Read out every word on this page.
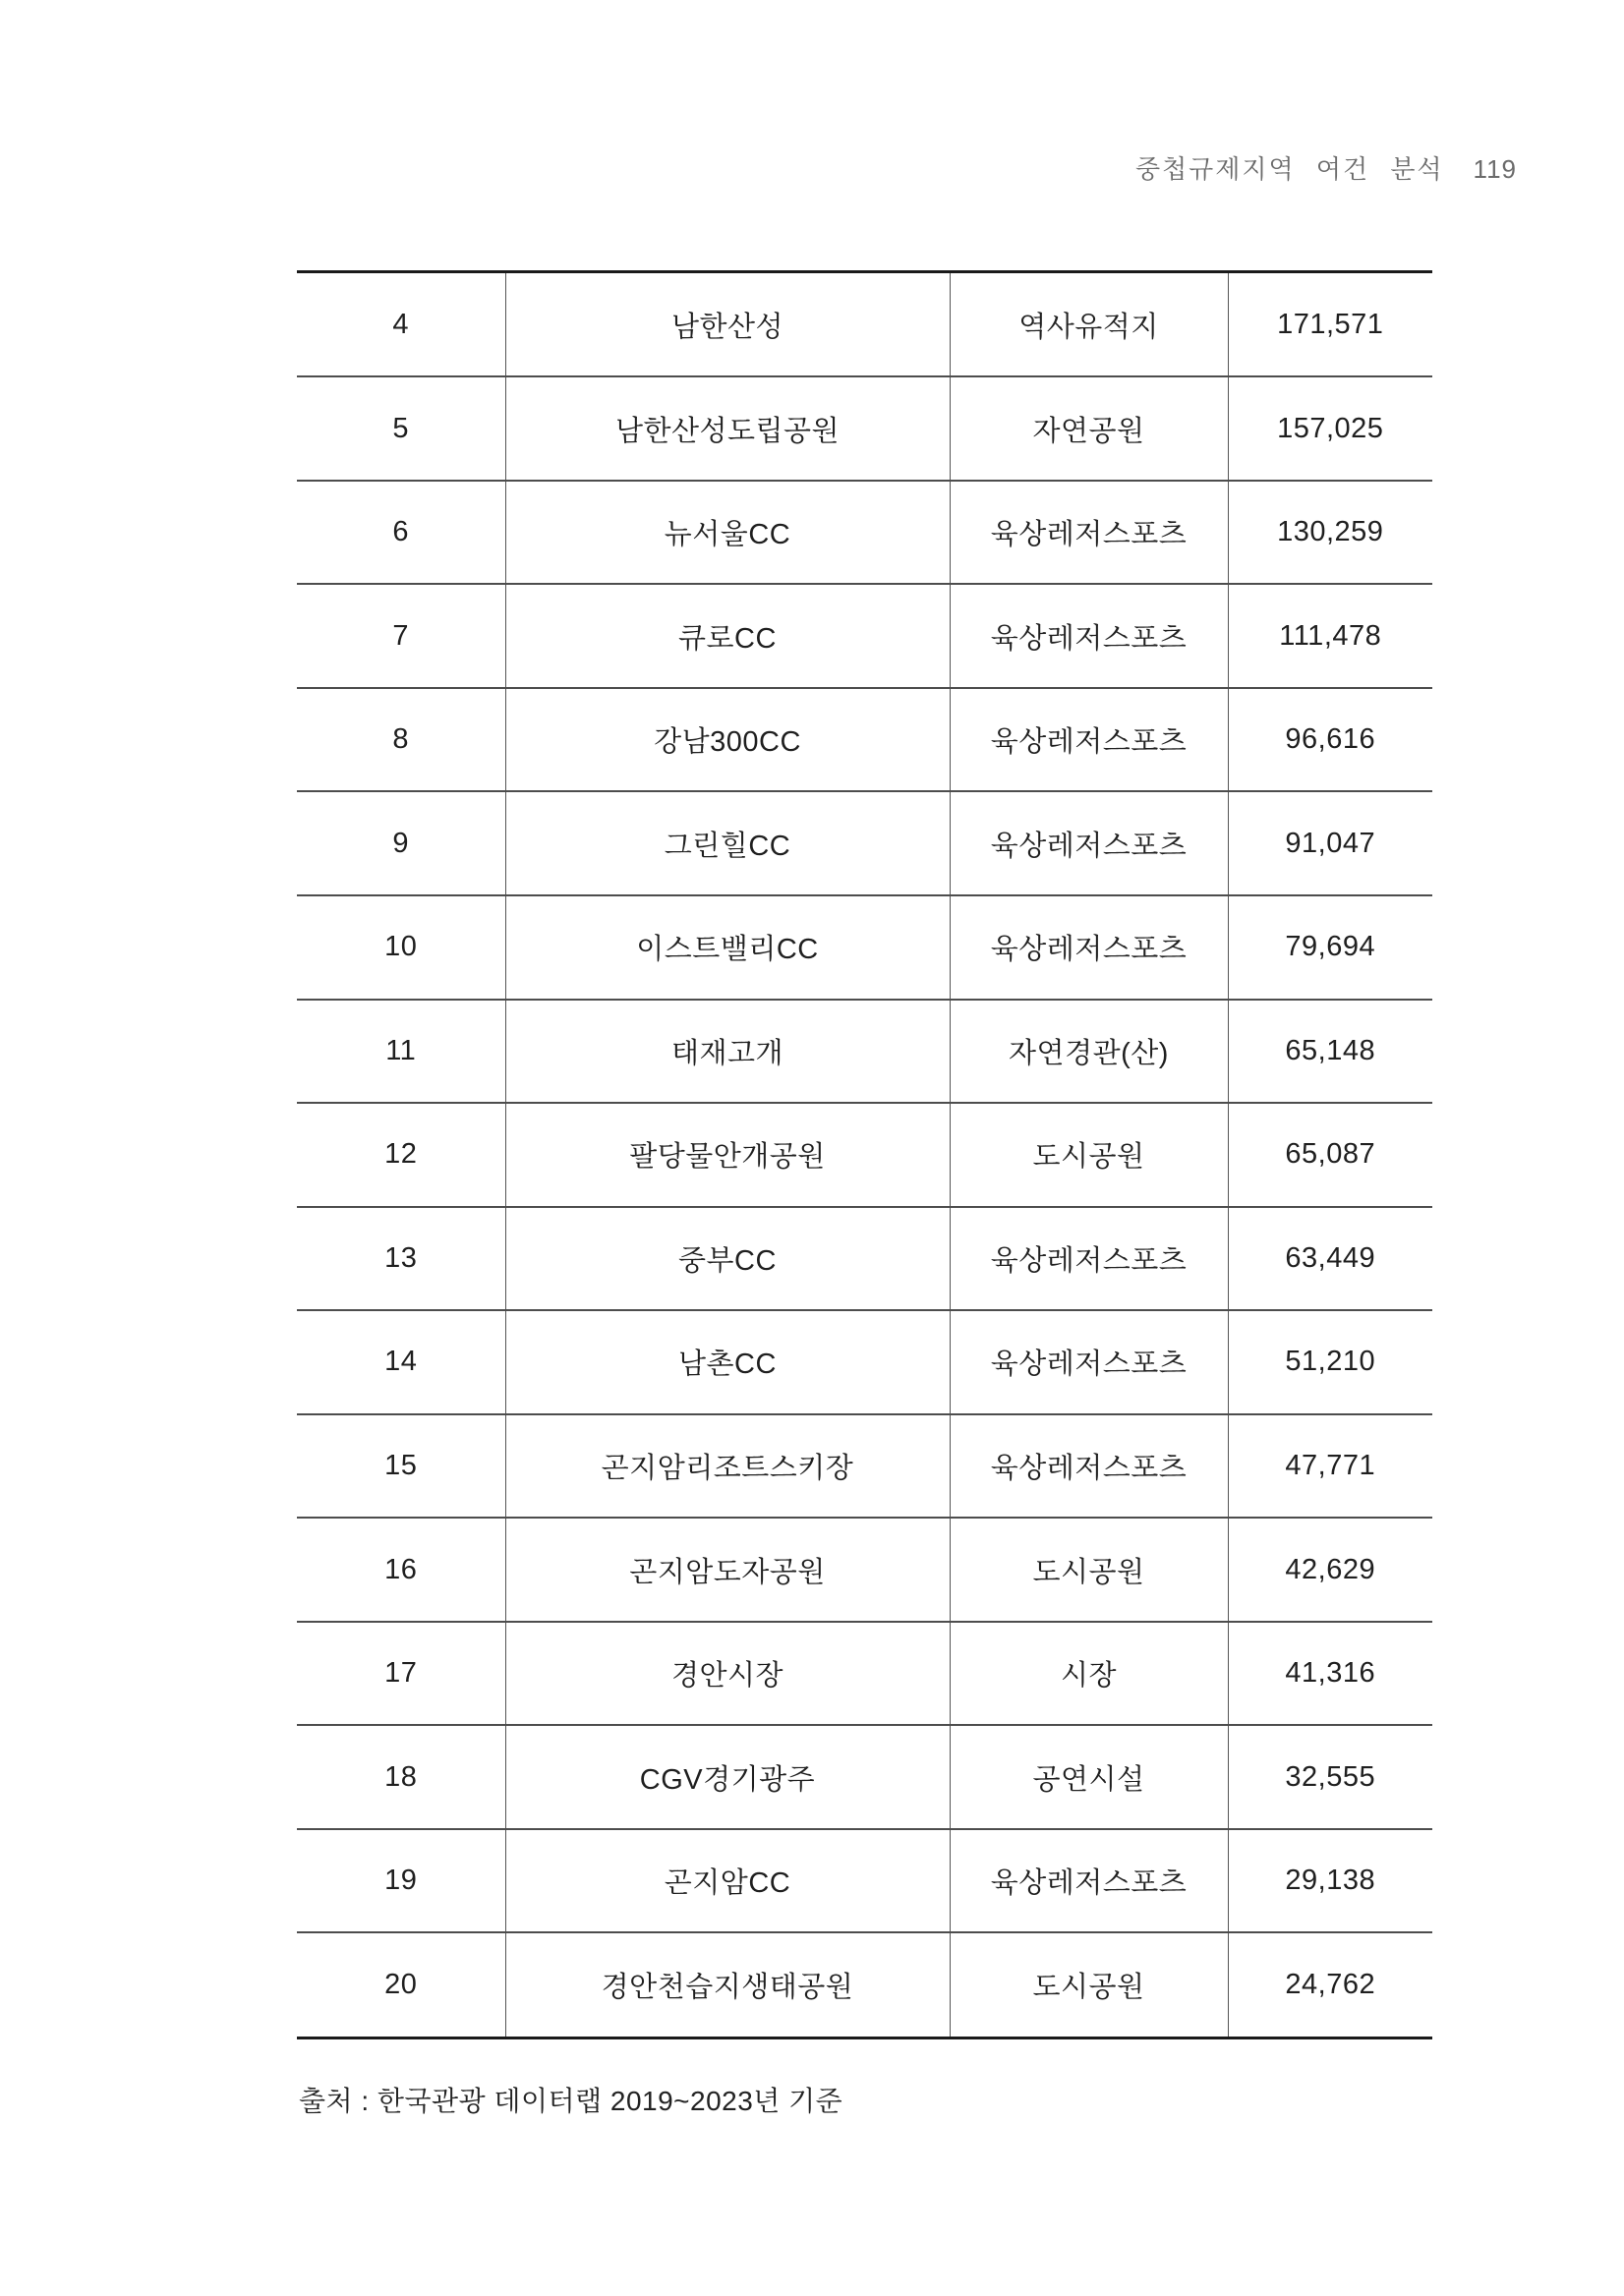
중첩규제지역 여건 분석 119
4	남한산성	역사유적지	171,571
5	남한산성도립공원	자연공원	157,025
6	뉴서울CC	육상레저스포츠	130,259
7	큐로CC	육상레저스포츠	111,478
8	강남300CC	육상레저스포츠	96,616
9	그린힐CC	육상레저스포츠	91,047
10	이스트밸리CC	육상레저스포츠	79,694
11	태재고개	자연경관(산)	65,148
12	팔당물안개공원	도시공원	65,087
13	중부CC	육상레저스포츠	63,449
14	남촌CC	육상레저스포츠	51,210
15	곤지암리조트스키장	육상레저스포츠	47,771
16	곤지암도자공원	도시공원	42,629
17	경안시장	시장	41,316
18	CGV경기광주	공연시설	32,555
19	곤지암CC	육상레저스포츠	29,138
20	경안천습지생태공원	도시공원	24,762
출처 : 한국관광 데이터랩 2019~2023년 기준
